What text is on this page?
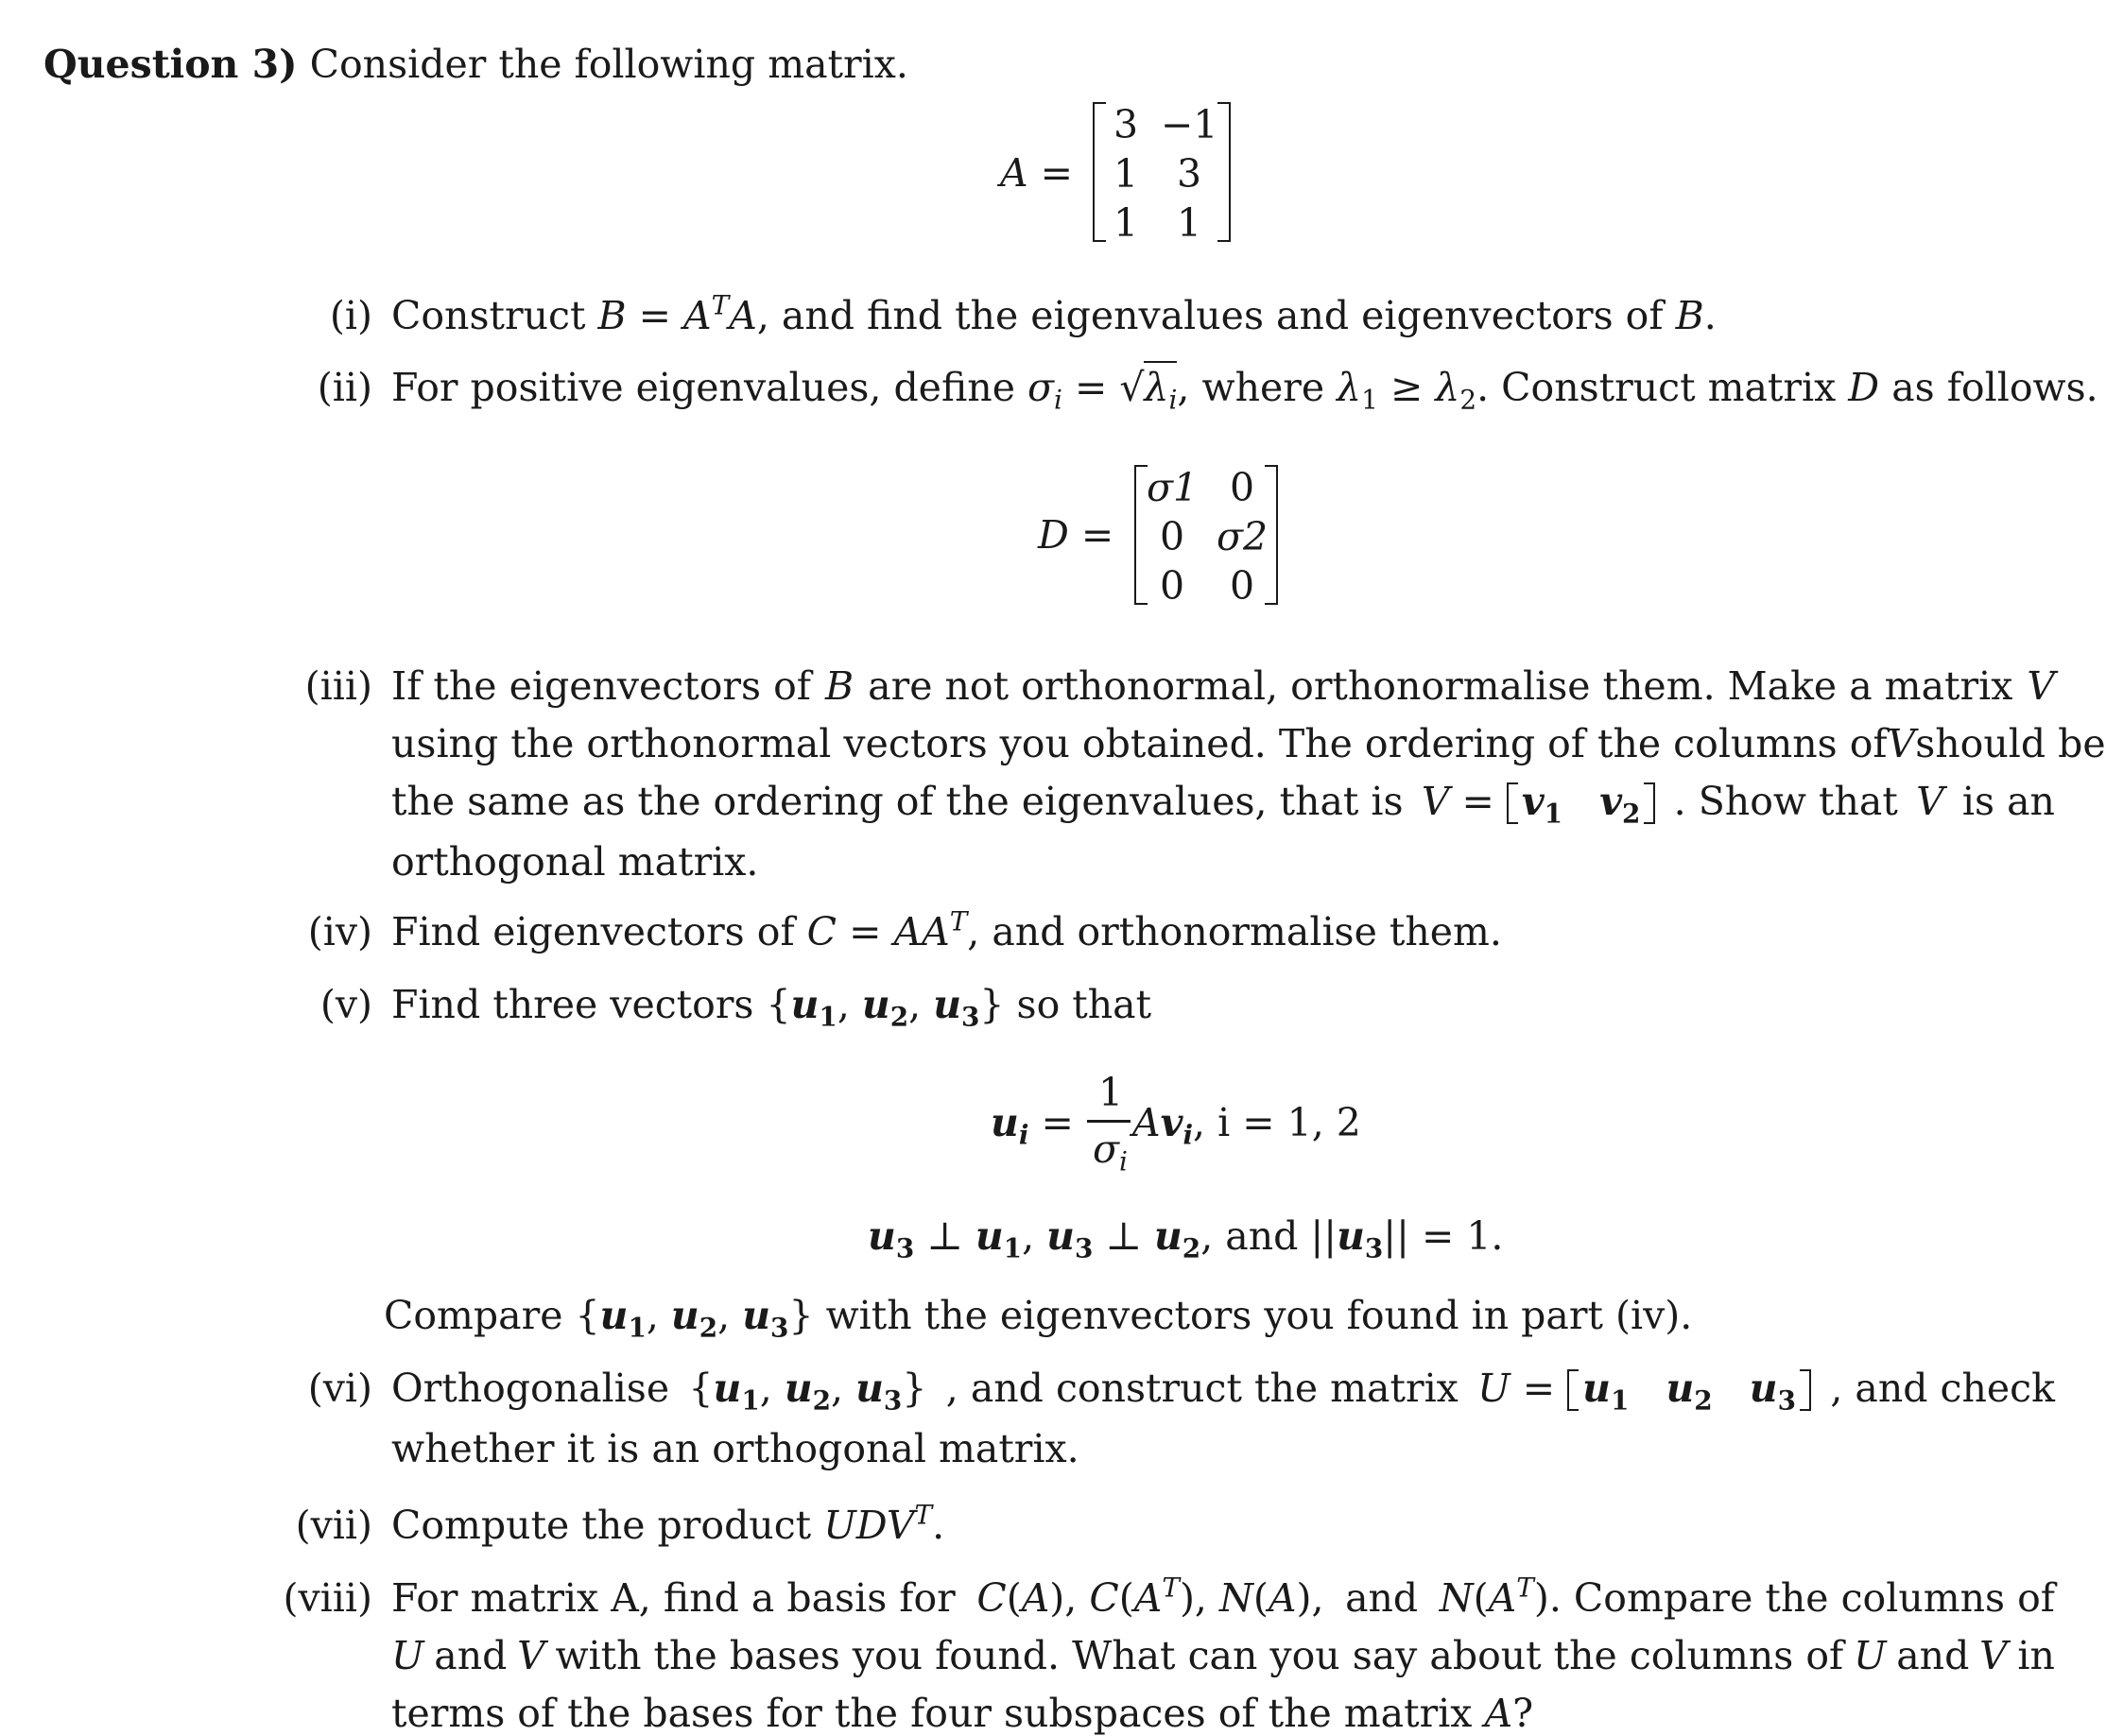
Question 3) Consider the following matrix.
A =
3 −1
1 3
1 1
(i) Construct $B = A^TA$, and find the eigenvalues and eigenvectors of B.
(ii) For positive eigenvalues, define $\sigma_i = √\lambda_i$, where $\lambda_1 \ge \lambda_2$. Construct matrix D as follows.
D =
σ1 0
0 σ2
0	0
(iii) If the eigenvectors of B are not orthonormal, orthonormalise them. Make a matrix V
using the orthonormal vectors you obtained. The ordering of the columns of V should be
the same as the ordering of the eigenvalues, that is $V = v_1$ $v_2$ . Show that V is an
orthogonal matrix.
(iv) Find eigenvectors of $C = AA^T$, and orthonormalise them.
(v) Find three vectors {$u_1$, $u_2$, $u_3$} so that
$u_i$ =
1
$\sigma_i$
$Av_i$, i = 1, 2
$u_3$ ⊥ $u_1$, $u_3$ ⊥ $u_2$, and $||u_3|| = 1$.
Compare {$u_1$, $u_2$, $u_3$} with the eigenvectors you found in part (iv).
(vi) Orthogonalise {$u_1$, $u_2$, $u_3$} , and construct the matrix $U = u_1$ $u_2$ $u_3$ , and check
whether it is an orthogonal matrix.
(vii) Compute the product $UDV^T$.
(viii) For matrix A, find a basis for C(A), $C(A^T)$, N(A), and $N(A^T)$. Compare the columns of
U and V with the bases you found. What can you say about the columns of U and V in
terms of the bases for the four subspaces of the matrix A?
